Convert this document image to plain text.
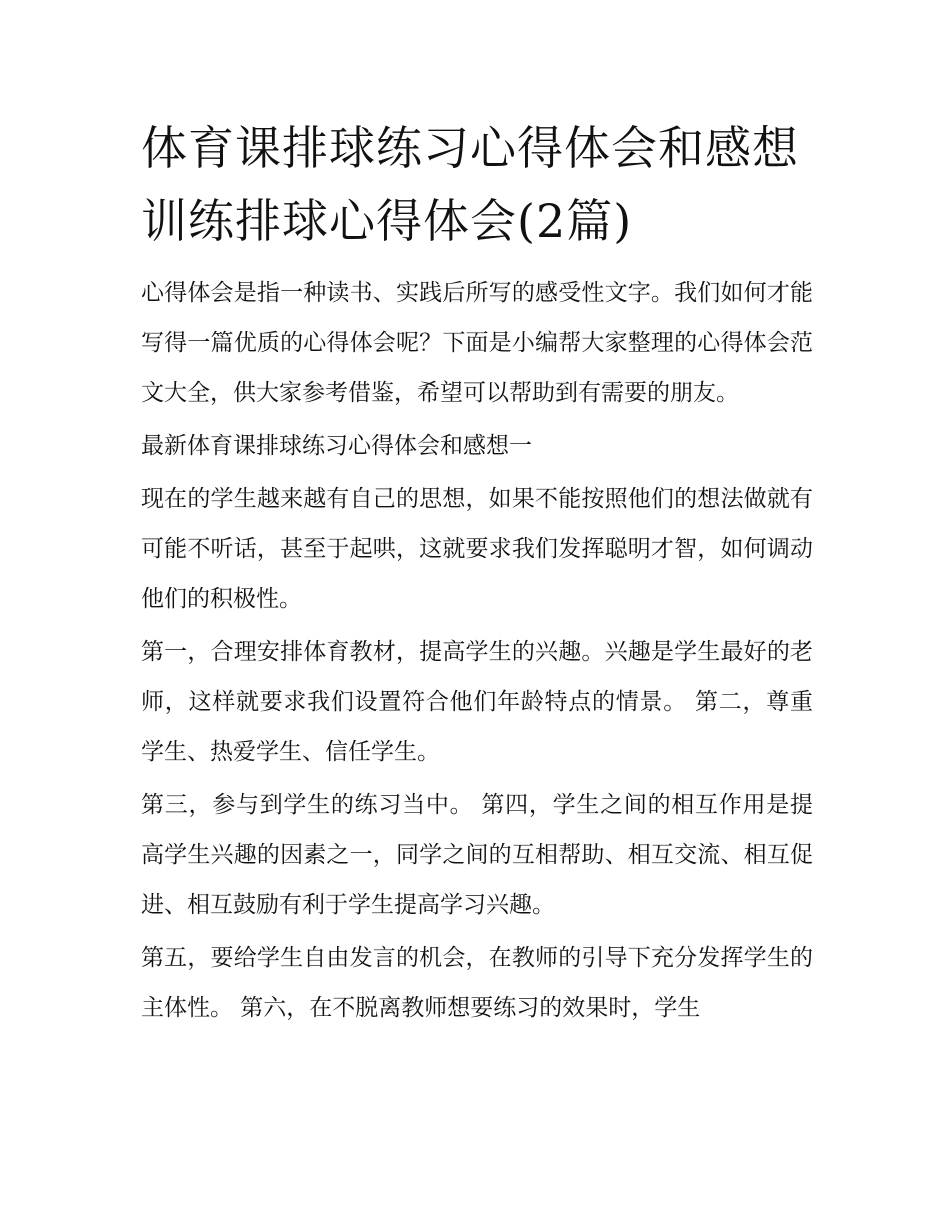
体育课排球练习心得体会和感想 训练排球心得体会(2篇)

心得体会是指一种读书、实践后所写的感受性文字。我们如何才能写得一篇优质的心得体会呢？下面是小编帮大家整理的心得体会范文大全，供大家参考借鉴，希望可以帮助到有需要的朋友。

最新体育课排球练习心得体会和感想一

现在的学生越来越有自己的思想，如果不能按照他们的想法做就有可能不听话，甚至于起哄，这就要求我们发挥聪明才智，如何调动他们的积极性。

第一，合理安排体育教材，提高学生的兴趣。兴趣是学生最好的老师，这样就要求我们设置符合他们年龄特点的情景。 第二，尊重学生、热爱学生、信任学生。

第三，参与到学生的练习当中。 第四，学生之间的相互作用是提高学生兴趣的因素之一，同学之间的互相帮助、相互交流、相互促进、相互鼓励有利于学生提高学习兴趣。

第五，要给学生自由发言的机会，在教师的引导下充分发挥学生的主体性。 第六，在不脱离教师想要练习的效果时，学生
